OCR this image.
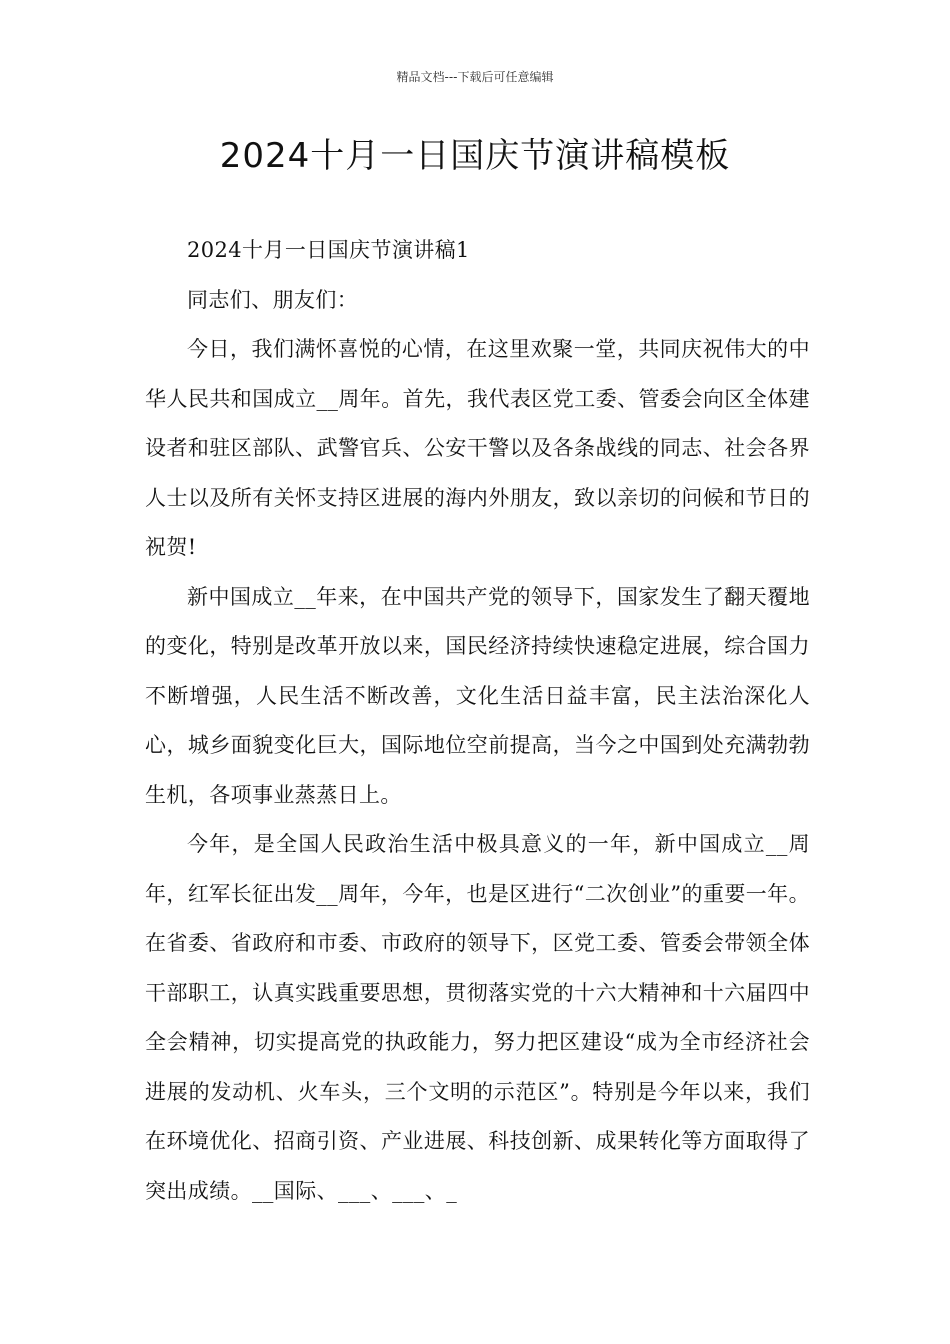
精品文档---下载后可任意编辑
2024十月一日国庆节演讲稿模板

2024十月一日国庆节演讲稿1

同志们、朋友们：

今日，我们满怀喜悦的心情，在这里欢聚一堂，共同庆祝伟大的中华人民共和国成立__周年。首先，我代表区党工委、管委会向区全体建设者和驻区部队、武警官兵、公安干警以及各条战线的同志、社会各界人士以及所有关怀支持区进展的海内外朋友，致以亲切的问候和节日的祝贺!

新中国成立__年来，在中国共产党的领导下，国家发生了翻天覆地的变化，特别是改革开放以来，国民经济持续快速稳定进展，综合国力不断增强，人民生活不断改善，文化生活日益丰富，民主法治深化人心，城乡面貌变化巨大，国际地位空前提高，当今之中国到处充满勃勃生机，各项事业蒸蒸日上。

今年，是全国人民政治生活中极具意义的一年，新中国成立__周年，红军长征出发__周年，今年，也是区进行“二次创业”的重要一年。在省委、省政府和市委、市政府的领导下，区党工委、管委会带领全体干部职工，认真实践重要思想，贯彻落实党的十六大精神和十六届四中全会精神，切实提高党的执政能力，努力把区建设“成为全市经济社会进展的发动机、火车头，三个文明的示范区”。特别是今年以来，我们在环境优化、招商引资、产业进展、科技创新、成果转化等方面取得了突出成绩。__国际、___、___、_
